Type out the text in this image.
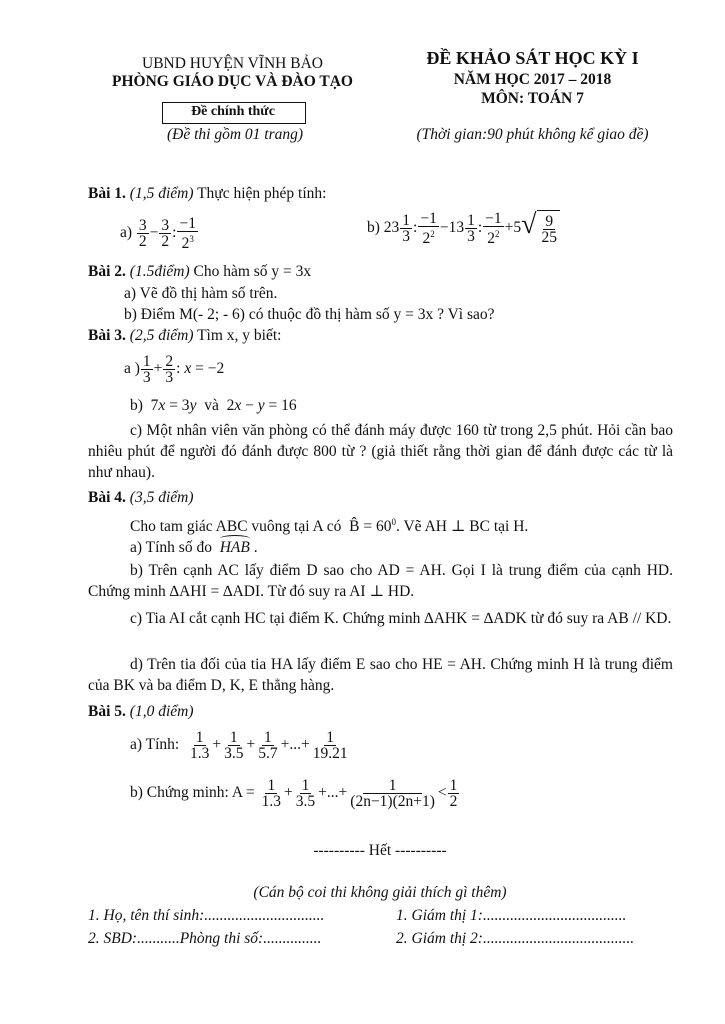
UBND HUYỆN VĨNH BẢO
PHÒNG GIÁO DỤC VÀ ĐÀO TẠO
Đề chính thức
(Đề thi gồm 01 trang)
ĐỀ KHẢO SÁT HỌC KỲ I
NĂM HỌC 2017 – 2018
MÔN: TOÁN 7
(Thời gian:90 phút không kể giao đề)
Bài 1. (1,5 điểm) Thực hiện phép tính:
$a) \frac{3}{2} - \frac{3}{2}$ : $\frac{-1}{2^3}$	b) $23 \frac{1}{3}$ : $\frac{-1}{2^2} -13 \frac{1}{3}$ : $\frac{-1}{2^2} +5$ √ $\frac{9}{25}$
Bài 2. (1.5điểm) Cho hàm số y = 3x
a) Vẽ đồ thị hàm số trên.
b) Điểm M(- 2; - 6) có thuộc đồ thị hàm số y = 3x ? Vì sao?
Bài 3. (2,5 điểm) Tìm x, y biết:
a ) $\frac{1}{3} + \frac{2}{3}$ : x = −2
b)  7x = 3y và  2x − y = 16
c) Một nhân viên văn phòng có thể đánh máy được 160 từ trong 2,5 phút. Hỏi cần bao nhiêu phút để người đó đánh được 800 từ ? (giả thiết rằng thời gian để đánh được các từ là như nhau).
Bài 4. (3,5 điểm)
Cho tam giác ABC vuông tại A có  B̂ = $60^0$. Vẽ AH ⊥ BC tại H.
a) Tính số đo HAB .
b) Trên cạnh AC lấy điểm D sao cho AD = AH. Gọi I là trung điểm của cạnh HD. Chứng minh ∆AHI = ∆ADI. Từ đó suy ra AI ⊥ HD.
c) Tia AI cắt cạnh HC tại điểm K. Chứng minh ∆AHK = ∆ADK từ đó suy ra AB // KD.
d) Trên tia đối của tia HA lấy điểm E sao cho HE = AH. Chứng minh H là trung điểm của BK và ba điểm D, K, E thẳng hàng.
Bài 5. (1,0 điểm)
a) Tính: $\frac{1}{1.3} + \frac{1}{3.5} + \frac{1}{5.7}$ +...+ $\frac{1}{19.21}$
b) Chứng minh: $A = \frac{1}{1.3} + \frac{1}{3.5}$ +...+ $\frac{1}{(2n-1)(2n+1)} < \frac{1}{2}$
---------- Hết ----------
(Cán bộ coi thi không giải thích gì thêm)
1. Họ, tên thí sinh:...............................
2. SBD:...........Phòng thi số:...............
1. Giám thị 1:.....................................
2. Giám thị 2:.......................................
